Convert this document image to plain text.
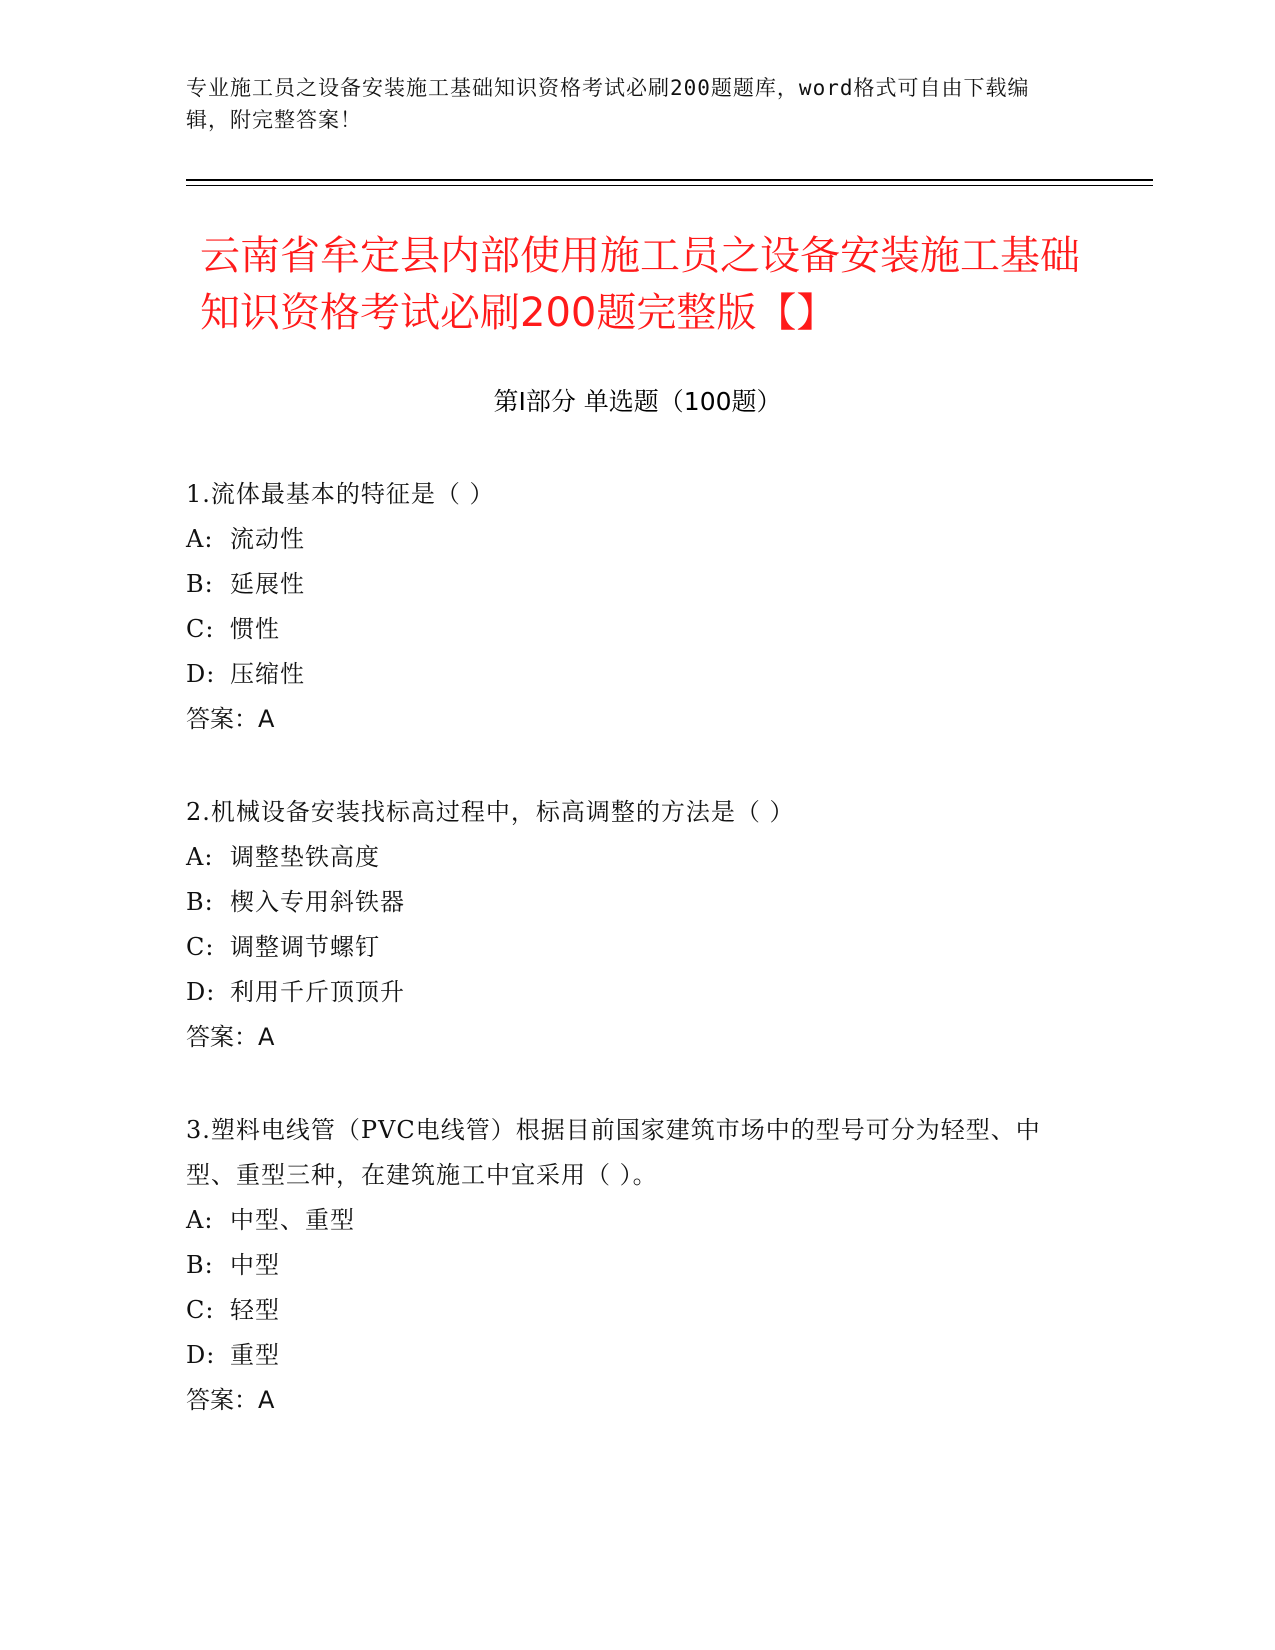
专业施工员之设备安装施工基础知识资格考试必刷200题题库，word格式可自由下载编辑，附完整答案！
云南省牟定县内部使用施工员之设备安装施工基础知识资格考试必刷200题完整版【】
第Ⅰ部分 单选题（100题）
1.流体最基本的特征是（ ）
A: 流动性
B: 延展性
C: 惯性
D: 压缩性
答案：A
2.机械设备安装找标高过程中，标高调整的方法是（ ）
A: 调整垫铁高度
B: 楔入专用斜铁器
C: 调整调节螺钉
D: 利用千斤顶顶升
答案：A
3.塑料电线管（PVC电线管）根据目前国家建筑市场中的型号可分为轻型、中型、重型三种，在建筑施工中宜采用（ ）。
A: 中型、重型
B: 中型
C: 轻型
D: 重型
答案：A
